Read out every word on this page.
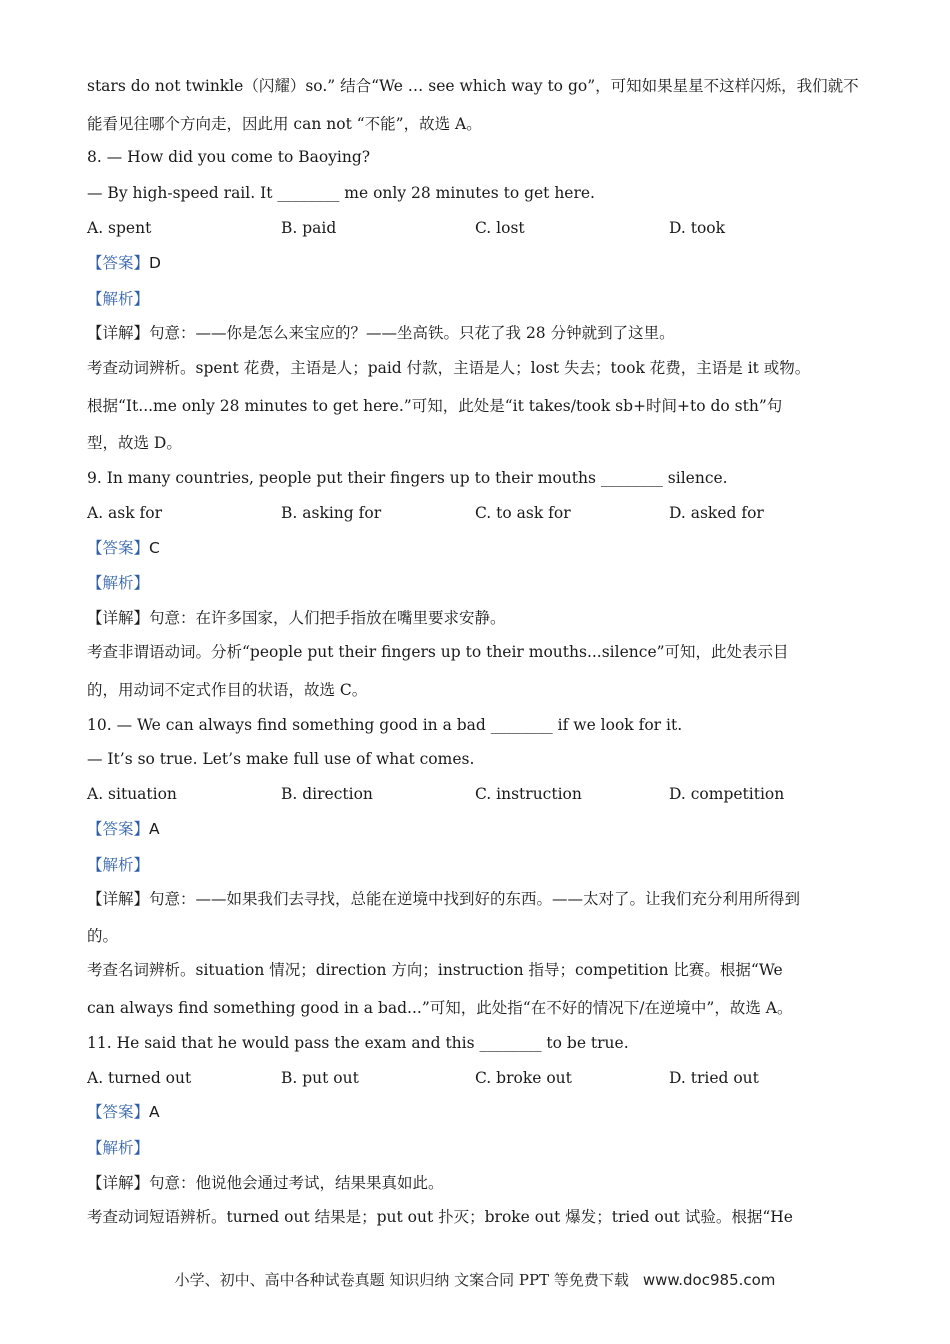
stars do not twinkle（闪耀）so.” 结合“We … see which way to go”，可知如果星星不这样闪烁，我们就不
能看见往哪个方向走，因此用 can not “不能”，故选 A。
8. — How did you come to Baoying?
— By high-speed rail. It ________ me only 28 minutes to get here.
A. spent	B. paid	C. lost	D. took
【答案】D
【解析】
【详解】句意：——你是怎么来宝应的？——坐高铁。只花了我 28 分钟就到了这里。
考查动词辨析。spent 花费，主语是人；paid 付款，主语是人；lost 失去；took 花费，主语是 it 或物。
根据“It...me only 28 minutes to get here.”可知，此处是“it takes/took sb+时间+to do sth”句
型，故选 D。
9. In many countries, people put their fingers up to their mouths ________ silence.
A. ask for	B. asking for	C. to ask for	D. asked for
【答案】C
【解析】
【详解】句意：在许多国家，人们把手指放在嘴里要求安静。
考查非谓语动词。分析“people put their fingers up to their mouths...silence”可知，此处表示目
的，用动词不定式作目的状语，故选 C。
10. — We can always find something good in a bad ________ if we look for it.
— It’s so true. Let’s make full use of what comes.
A. situation	B. direction	C. instruction	D. competition
【答案】A
【解析】
【详解】句意：——如果我们去寻找，总能在逆境中找到好的东西。——太对了。让我们充分利用所得到
的。
考查名词辨析。situation 情况；direction 方向；instruction 指导；competition 比赛。根据“We
can always find something good in a bad...”可知，此处指“在不好的情况下/在逆境中”，故选 A。
11. He said that he would pass the exam and this ________ to be true.
A. turned out	B. put out	C. broke out	D. tried out
【答案】A
【解析】
【详解】句意：他说他会通过考试，结果果真如此。
考查动词短语辨析。turned out 结果是；put out 扑灭；broke out 爆发；tried out 试验。根据“He
小学、初中、高中各种试卷真题 知识归纳 文案合同 PPT 等免费下载 www.doc985.com
